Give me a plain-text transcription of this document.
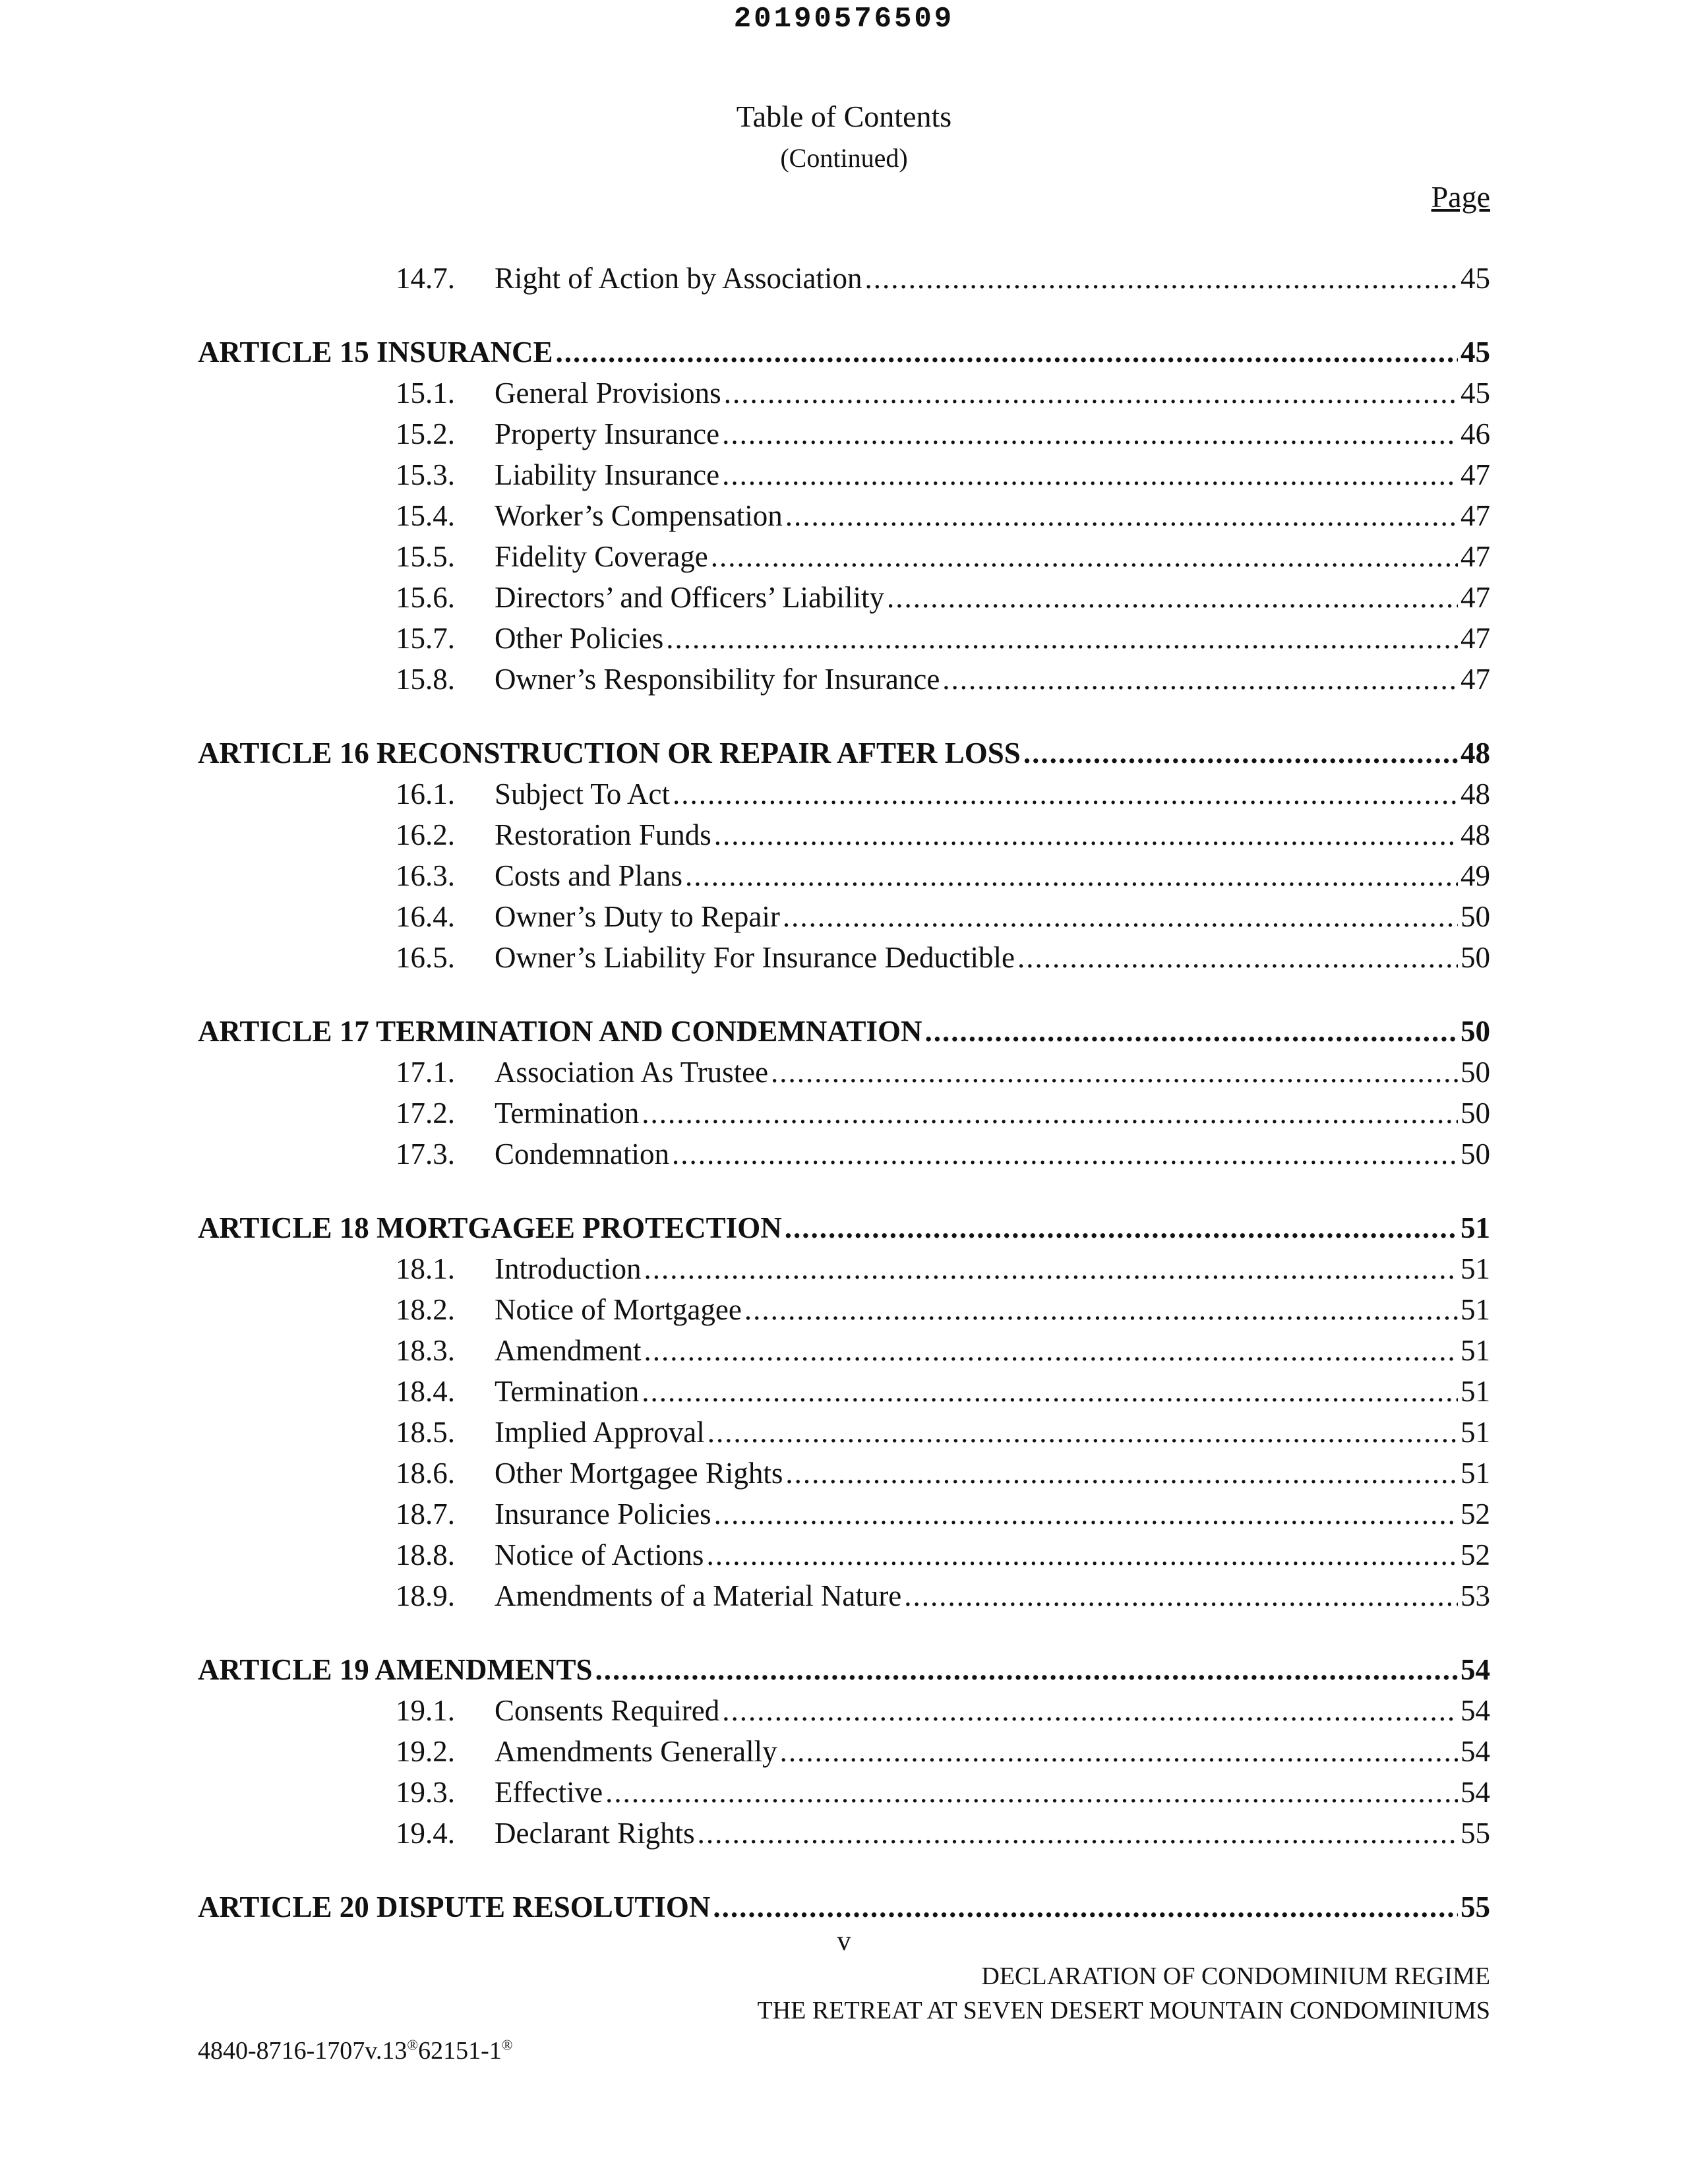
20190576509
Table of Contents
(Continued)
Page
14.7.	Right of Action by Association .....	45
ARTICLE 15 INSURANCE .....	45
15.1.	General Provisions .....	45
15.2.	Property Insurance .....	46
15.3.	Liability Insurance .....	47
15.4.	Worker’s Compensation .....	47
15.5.	Fidelity Coverage .....	47
15.6.	Directors’ and Officers’ Liability .....	47
15.7.	Other Policies .....	47
15.8.	Owner’s Responsibility for Insurance .....	47
ARTICLE 16 RECONSTRUCTION OR REPAIR AFTER LOSS .....	48
16.1.	Subject To Act .....	48
16.2.	Restoration Funds .....	48
16.3.	Costs and Plans .....	49
16.4.	Owner’s Duty to Repair .....	50
16.5.	Owner’s Liability For Insurance Deductible .....	50
ARTICLE 17 TERMINATION AND CONDEMNATION .....	50
17.1.	Association As Trustee .....	50
17.2.	Termination .....	50
17.3.	Condemnation .....	50
ARTICLE 18 MORTGAGEE PROTECTION .....	51
18.1.	Introduction .....	51
18.2.	Notice of Mortgagee .....	51
18.3.	Amendment .....	51
18.4.	Termination .....	51
18.5.	Implied Approval .....	51
18.6.	Other Mortgagee Rights .....	51
18.7.	Insurance Policies .....	52
18.8.	Notice of Actions .....	52
18.9.	Amendments of a Material Nature .....	53
ARTICLE 19 AMENDMENTS .....	54
19.1.	Consents Required .....	54
19.2.	Amendments Generally .....	54
19.3.	Effective .....	54
19.4.	Declarant Rights .....	55
ARTICLE 20 DISPUTE RESOLUTION .....	55
v
DECLARATION OF CONDOMINIUM REGIME
THE RETREAT AT SEVEN DESERT MOUNTAIN CONDOMINIUMS
4840-8716-1707v.13®62151-1®
